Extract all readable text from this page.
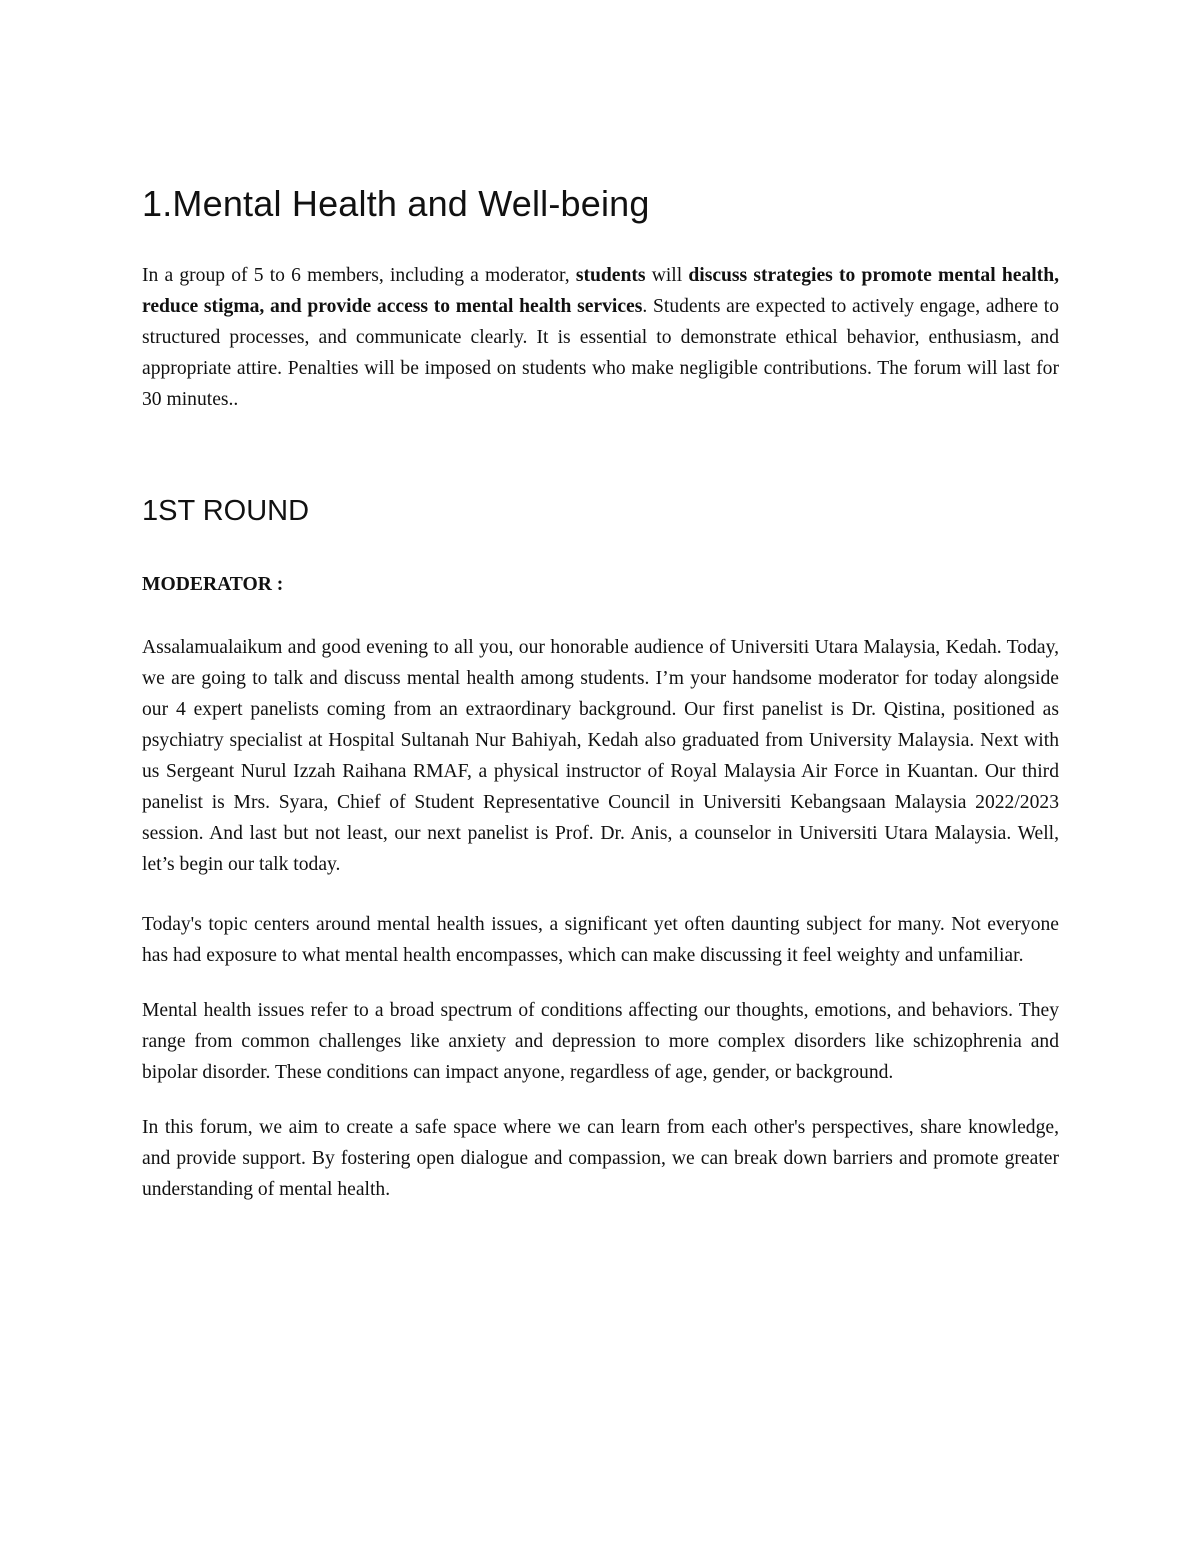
1.Mental Health and Well-being

In a group of 5 to 6 members, including a moderator, students will discuss strategies to promote mental health, reduce stigma, and provide access to mental health services. Students are expected to actively engage, adhere to structured processes, and communicate clearly. It is essential to demonstrate ethical behavior, enthusiasm, and appropriate attire. Penalties will be imposed on students who make negligible contributions. The forum will last for 30 minutes..

1ST ROUND

MODERATOR :

Assalamualaikum and good evening to all you, our honorable audience of Universiti Utara Malaysia, Kedah. Today, we are going to talk and discuss mental health among students. I’m your handsome moderator for today alongside our 4 expert panelists coming from an extraordinary background. Our first panelist is Dr. Qistina, positioned as psychiatry specialist at Hospital Sultanah Nur Bahiyah, Kedah also graduated from University Malaysia. Next with us Sergeant Nurul Izzah Raihana RMAF, a physical instructor of Royal Malaysia Air Force in Kuantan. Our third panelist is Mrs. Syara, Chief of Student Representative Council in Universiti Kebangsaan Malaysia 2022/2023 session. And last but not least, our next panelist is Prof. Dr. Anis, a counselor in Universiti Utara Malaysia. Well, let’s begin our talk today.

Today's topic centers around mental health issues, a significant yet often daunting subject for many. Not everyone has had exposure to what mental health encompasses, which can make discussing it feel weighty and unfamiliar.

Mental health issues refer to a broad spectrum of conditions affecting our thoughts, emotions, and behaviors. They range from common challenges like anxiety and depression to more complex disorders like schizophrenia and bipolar disorder. These conditions can impact anyone, regardless of age, gender, or background.

In this forum, we aim to create a safe space where we can learn from each other's perspectives, share knowledge, and provide support. By fostering open dialogue and compassion, we can break down barriers and promote greater understanding of mental health.
